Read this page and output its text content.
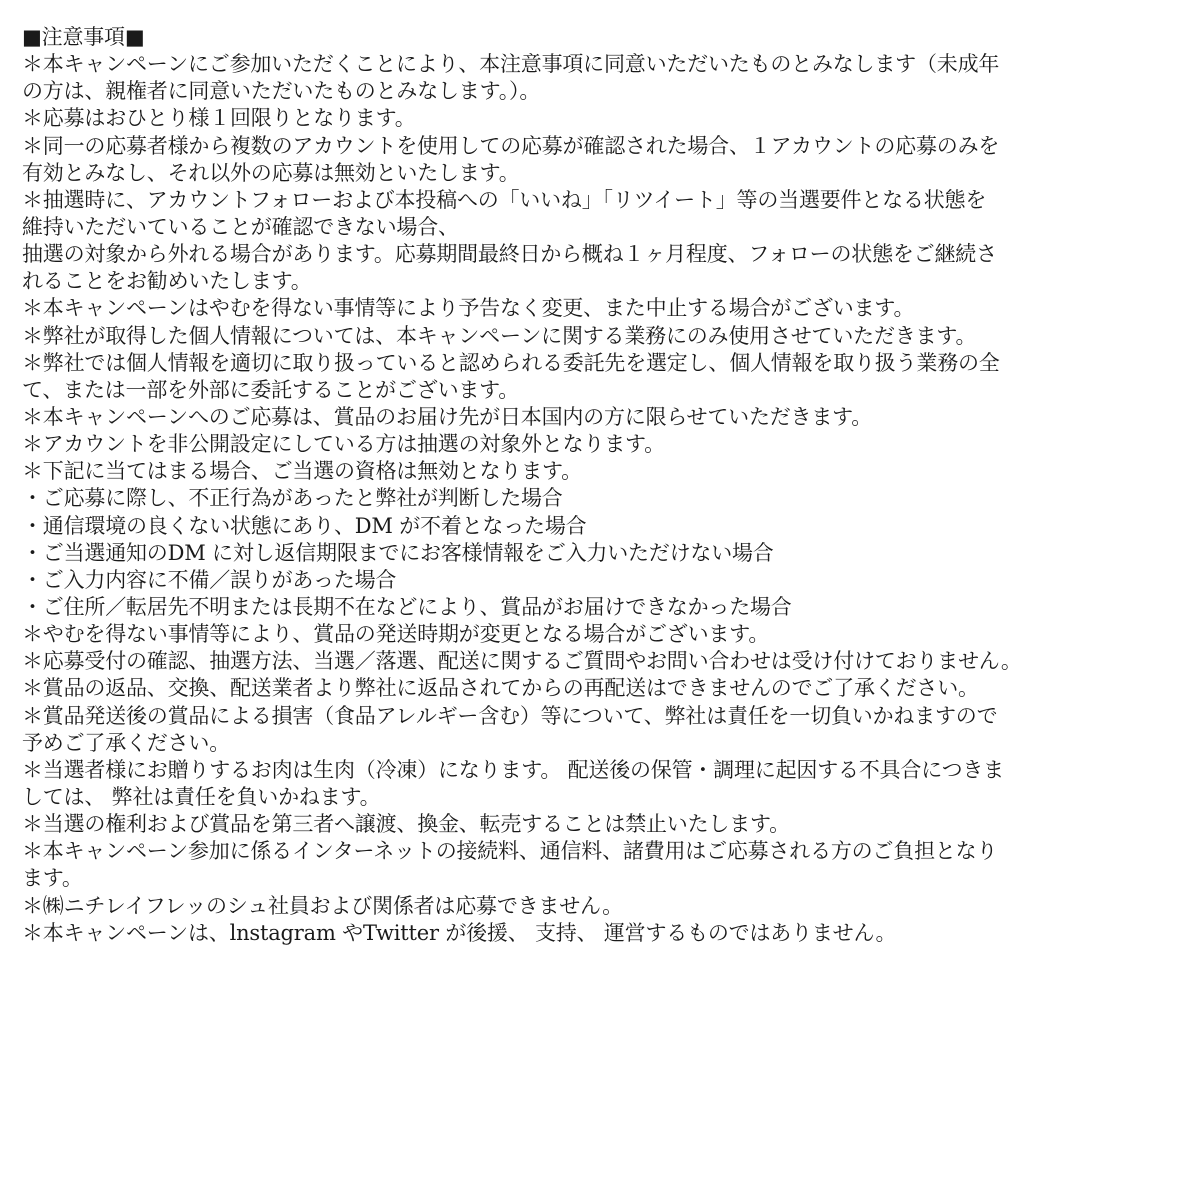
■注意事項■
＊本キャンペーンにご参加いただくことにより、本注意事項に同意いただいたものとみなします（未成年
の方は、親権者に同意いただいたものとみなします。）。
＊応募はおひとり様１回限りとなります。
＊同一の応募者様から複数のアカウントを使用しての応募が確認された場合、１アカウントの応募のみを
有効とみなし、それ以外の応募は無効といたします。
＊抽選時に、アカウントフォローおよび本投稿への「いいね」「リツイート」等の当選要件となる状態を
維持いただいていることが確認できない場合、
抽選の対象から外れる場合があります。応募期間最終日から概ね１ヶ月程度、フォローの状態をご継続さ
れることをお勧めいたします。
＊本キャンペーンはやむを得ない事情等により予告なく変更、また中止する場合がございます。
＊弊社が取得した個人情報については、本キャンペーンに関する業務にのみ使用させていただきます。
＊弊社では個人情報を適切に取り扱っていると認められる委託先を選定し、個人情報を取り扱う業務の全
て、または一部を外部に委託することがございます。
＊本キャンペーンへのご応募は、賞品のお届け先が日本国内の方に限らせていただきます。
＊アカウントを非公開設定にしている方は抽選の対象外となります。
＊下記に当てはまる場合、ご当選の資格は無効となります。
・ご応募に際し、不正行為があったと弊社が判断した場合
・通信環境の良くない状態にあり、DM が不着となった場合
・ご当選通知のDM に対し返信期限までにお客様情報をご入力いただけない場合
・ご入力内容に不備／誤りがあった場合
・ご住所／転居先不明または長期不在などにより、賞品がお届けできなかった場合
＊やむを得ない事情等により、賞品の発送時期が変更となる場合がございます。
＊応募受付の確認、抽選方法、当選／落選、配送に関するご質問やお問い合わせは受け付けておりません。
＊賞品の返品、交換、配送業者より弊社に返品されてからの再配送はできませんのでご了承ください。
＊賞品発送後の賞品による損害（食品アレルギー含む）等について、弊社は責任を一切負いかねますので
予めご了承ください。
＊当選者様にお贈りするお肉は生肉（冷凍）になります。 配送後の保管・調理に起因する不具合につきま
しては、 弊社は責任を負いかねます。
＊当選の権利および賞品を第三者へ譲渡、換金、転売することは禁止いたします。
＊本キャンペーン参加に係るインターネットの接続料、通信料、諸費用はご応募される方のご負担となり
ます。
＊㈱ニチレイフレッのシュ社員および関係者は応募できません。
＊本キャンペーンは、lnstagram やTwitter が後援、 支持、 運営するものではありません。
